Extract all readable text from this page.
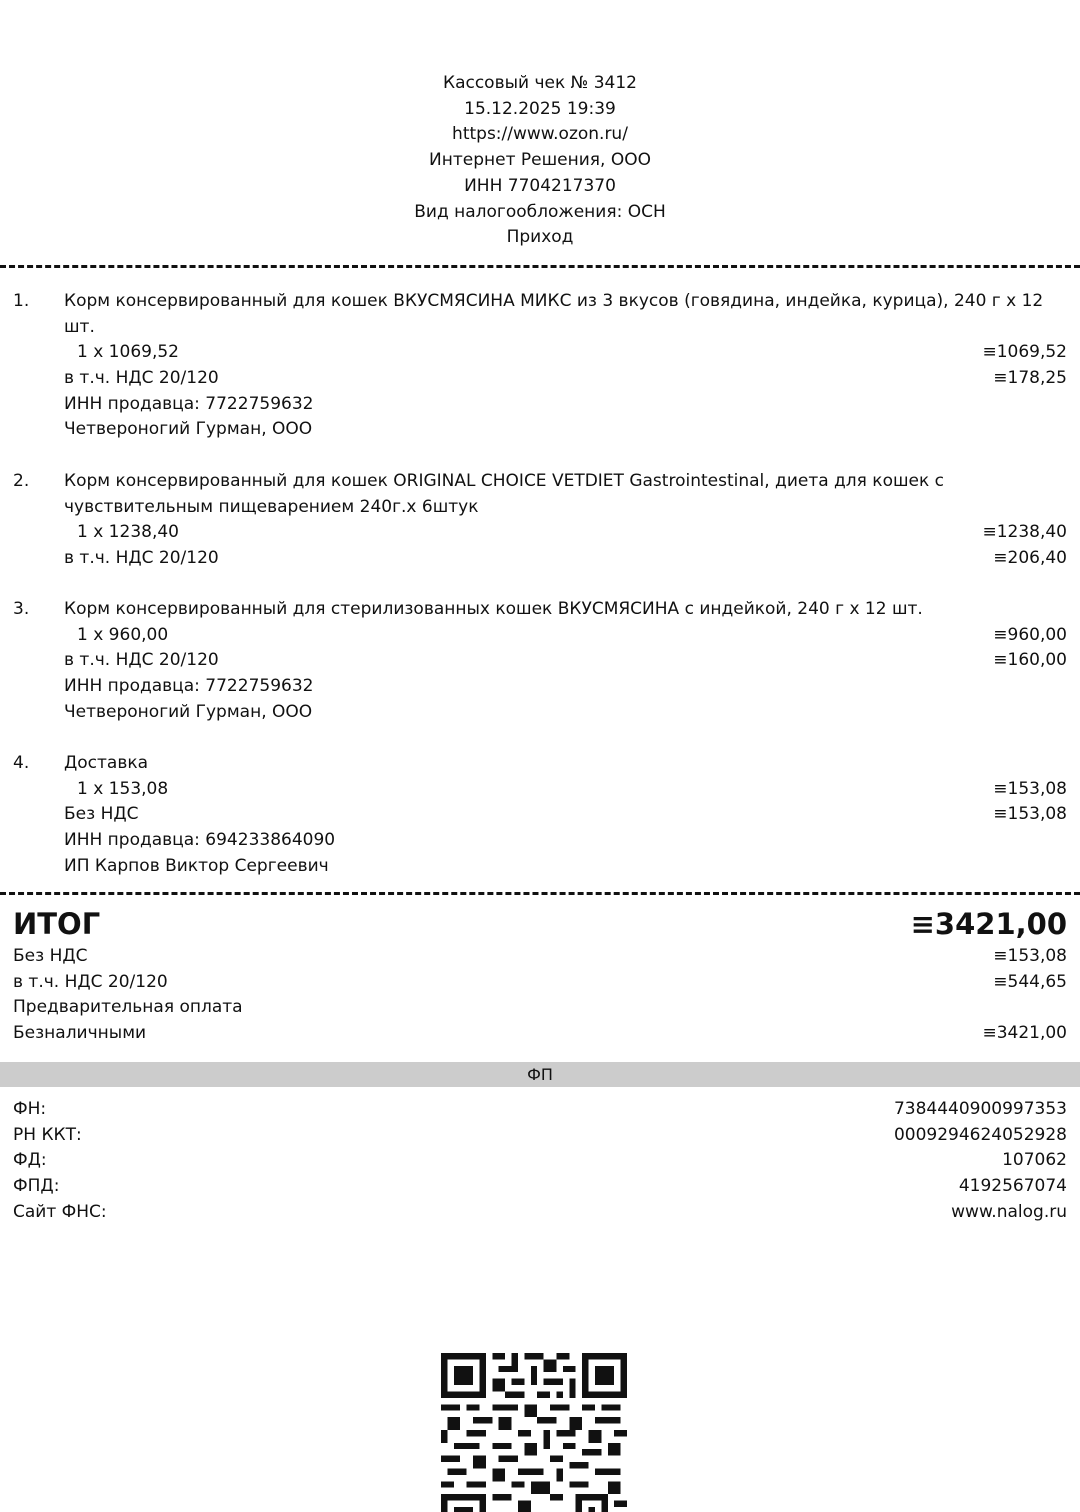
Кассовый чек № 3412
15.12.2025 19:39
https://www.ozon.ru/
Интернет Решения, ООО
ИНН 7704217370
Вид налогообложения: ОСН
Приход
1. Корм консервированный для кошек ВКУСМЯСИНА МИКС из 3 вкусов (говядина, индейка, курица), 240 г х 12 шт.
1 х 1069,52	≡1069,52
в т.ч. НДС 20/120	≡178,25
ИНН продавца: 7722759632
Четвероногий Гурман, ООО
2. Корм консервированный для кошек ORIGINAL CHOICE VETDIET Gastrointestinal, диета для кошек с чувствительным пищеварением 240г.х 6штук
1 х 1238,40	≡1238,40
в т.ч. НДС 20/120	≡206,40
3. Корм консервированный для стерилизованных кошек ВКУСМЯСИНА с индейкой, 240 г х 12 шт.
1 х 960,00	≡960,00
в т.ч. НДС 20/120	≡160,00
ИНН продавца: 7722759632
Четвероногий Гурман, ООО
4. Доставка
1 х 153,08	≡153,08
Без НДС	≡153,08
ИНН продавца: 694233864090
ИП Карпов Виктор Сергеевич
ИТОГ	≡3421,00
Без НДС	≡153,08
в т.ч. НДС 20/120	≡544,65
Предварительная оплата
Безналичными	≡3421,00
ФП
ФН:	7384440900997353
РН ККТ:	0009294624052928
ФД:	107062
ФПД:	4192567074
Сайт ФНС:	www.nalog.ru
